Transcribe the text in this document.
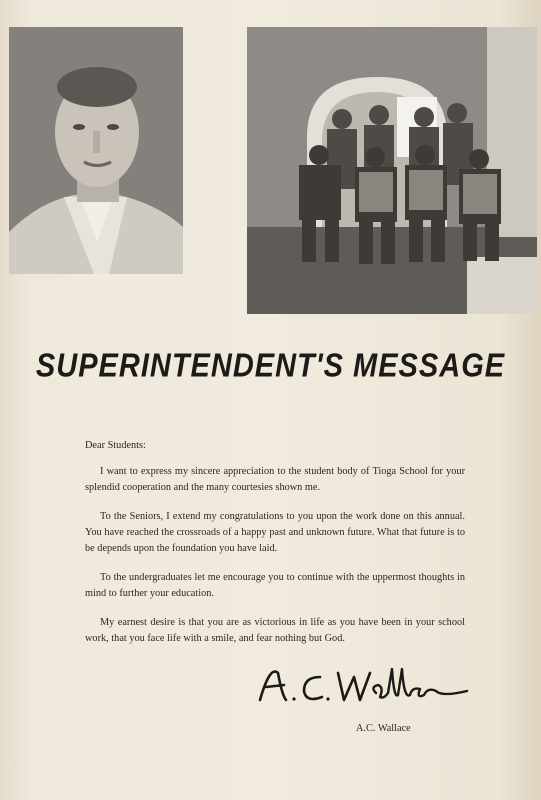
SUPERINTENDENT'S MESSAGE

Dear Students:

I want to express my sincere appreciation to the student body of Tioga School for your splendid cooperation and the many courtesies shown me.

To the Seniors, I extend my congratulations to you upon the work done on this annual. You have reached the crossroads of a happy past and unknown future. What that future is to be depends upon the foundation you have laid.

To the undergraduates let me encourage you to continue with the uppermost thoughts in mind to further your education.

My earnest desire is that you are as victorious in life as you have been in your school work, that you face life with a smile, and fear nothing but God.

A.C. Wallace
